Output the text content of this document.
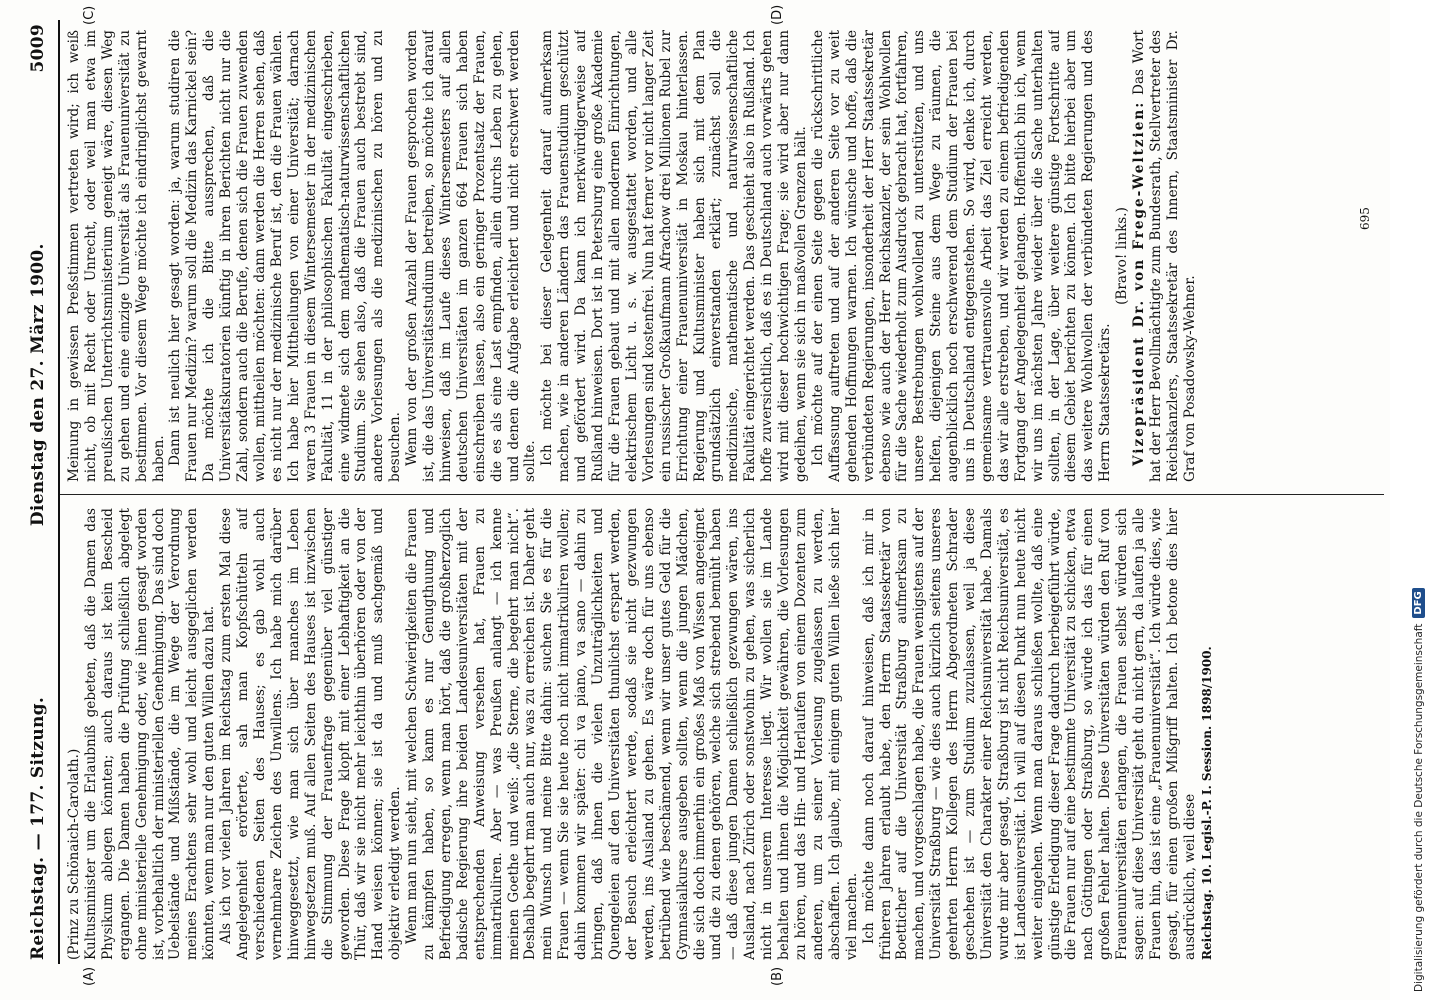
Reichstag. — 177. Sitzung.
Dienstag den 27. März 1900.
5009
(A)	(B)
(C)	(D)

(Prinz zu Schönaich-Carolath.) Kultusminister um die Erlaubniß gebeten, daß die Damen das Physikum ablegen könnten; auch daraus ist kein Bescheid ergangen. Die Damen haben die Prüfung schließlich abgelegt ohne ministerielle Genehmigung oder, wie ihnen gesagt worden ist, vorbehaltlich der ministeriellen Genehmigung. Das sind doch Uebelstände und Mißstände, die im Wege der Verordnung meines Erachtens sehr wohl und leicht ausgeglichen werden könnten, wenn man nur den guten Willen dazu hat. Als ich vor vielen Jahren im Reichstag zum ersten Mal diese Angelegenheit erörterte, sah man Kopfschütteln auf verschiedenen Seiten des Hauses; es gab wohl auch vernehmbare Zeichen des Unwillens. Ich habe mich darüber hinweggesetzt, wie man sich über manches im Leben hinwegsetzen muß. Auf allen Seiten des Hauses ist inzwischen die Stimmung der Frauenfrage gegenüber viel günstiger geworden. Diese Frage klopft mit einer Lebhaftigkeit an die Thür, daß wir sie nicht mehr leichthin überhören oder von der Hand weisen können; sie ist da und muß sachgemäß und objektiv erledigt werden. Wenn man nun sieht, mit welchen Schwierigkeiten die Frauen zu kämpfen haben, so kann es nur Genugthuung und Befriedigung erregen, wenn man hört, daß die großherzoglich badische Regierung ihre beiden Landesuniversitäten mit der entsprechenden Anweisung versehen hat, Frauen zu immatrikuliren. Aber — was Preußen anlangt — ich kenne meinen Goethe und weiß: „die Sterne, die begehrt man nicht“. Deshalb begehrt man auch nur, was zu erreichen ist. Daher geht mein Wunsch und meine Bitte dahin: suchen Sie es für die Frauen — wenn Sie sie heute noch nicht immatrikuliren wollen; dahin kommen wir später: chi va piano, va sano — dahin zu bringen, daß ihnen die vielen Unzuträglichkeiten und Quengeleien auf den Universitäten thunlichst erspart werden, der Besuch erleichtert werde, sodaß sie nicht gezwungen werden, ins Ausland zu gehen. Es wäre doch für uns ebenso betrübend wie beschämend, wenn wir unser gutes Geld für die Gymnasialkurse ausgeben sollten, wenn die jungen Mädchen, die sich doch immerhin ein großes Maß von Wissen angeeignet und die zu denen gehören, welche sich strebend bemüht haben — daß diese jungen Damen schließlich gezwungen wären, ins Ausland, nach Zürich oder sonstwohin zu gehen, was sicherlich nicht in unserem Interesse liegt. Wir wollen sie im Lande behalten und ihnen die Möglichkeit gewähren, die Vorlesungen zu hören, und das Hin- und Herlaufen von einem Dozenten zum anderen, um zu seiner Vorlesung zugelassen zu werden, abschaffen. Ich glaube, mit einigem guten Willen ließe sich hier viel machen. Ich möchte dann noch darauf hinweisen, daß ich mir in früheren Jahren erlaubt habe, den Herrn Staatssekretär von Boetticher auf die Universität Straßburg aufmerksam zu machen, und vorgeschlagen habe, die Frauen wenigstens auf der Universität Straßburg — wie dies auch kürzlich seitens unseres geehrten Herrn Kollegen des Herrn Abgeordneten Schrader geschehen ist — zum Studium zuzulassen, weil ja diese Universität den Charakter einer Reichsuniversität habe. Damals wurde mir aber gesagt, Straßburg ist nicht Reichsuniversität, es ist Landesuniversität. Ich will auf diesen Punkt nun heute nicht weiter eingehen. Wenn man daraus schließen wollte, daß eine günstige Erledigung dieser Frage dadurch herbeigeführt würde, die Frauen nur auf eine bestimmte Universität zu schicken, etwa nach Göttingen oder Straßburg, so würde ich das für einen großen Fehler halten. Diese Universitäten würden den Ruf von Frauenuniversitäten erlangen, die Frauen selbst würden sich sagen: auf diese Universität geht du nicht gern, da laufen ja alle Frauen hin, das ist eine „Frauenuniversität“. Ich würde dies, wie gesagt, für einen großen Mißgriff halten. Ich betone dies hier ausdrücklich, weil diese Reichstag. 10. Legisl.-P. I. Session. 1898/1900.

Meinung in gewissen Preßstimmen vertreten wird; ich weiß nicht, ob mit Recht oder Unrecht, oder weil man etwa im preußischen Unterrichtsministerium geneigt wäre, diesen Weg zu gehen und eine einzige Universität als Frauenuniversität zu bestimmen. Vor diesem Wege möchte ich eindringlichst gewarnt haben. Dann ist neulich hier gesagt worden: ja, warum studiren die Frauen nur Medizin? warum soll die Medizin das Karnickel sein? Da möchte ich die Bitte aussprechen, daß die Universitätskuratorien künftig in ihren Berichten nicht nur die Zahl, sondern auch die Berufe, denen sich die Frauen zuwenden wollen, mittheilen möchten: dann werden die Herren sehen, daß es nicht nur der medizinische Beruf ist, den die Frauen wählen. Ich habe hier Mittheilungen von einer Universität; darnach waren 3 Frauen in diesem Wintersemester in der medizinischen Fakultät, 11 in der philosophischen Fakultät eingeschrieben, eine widmete sich dem mathematisch-naturwissenschaftlichen Studium. Sie sehen also, daß die Frauen auch bestrebt sind, andere Vorlesungen als die medizinischen zu hören und zu besuchen. Wenn von der großen Anzahl der Frauen gesprochen worden ist, die das Universitätsstudium betreiben, so möchte ich darauf hinweisen, daß im Laufe dieses Wintersemesters auf allen deutschen Universitäten im ganzen 664 Frauen sich haben einschreiben lassen, also ein geringer Prozentsatz der Frauen, die es als eine Last empfinden, allein durchs Leben zu gehen, und denen die Aufgabe erleichtert und nicht erschwert werden sollte. Ich möchte bei dieser Gelegenheit darauf aufmerksam machen, wie in anderen Ländern das Frauenstudium geschützt und gefördert wird. Da kann ich merkwürdigerweise auf Rußland hinweisen. Dort ist in Petersburg eine große Akademie für die Frauen gebaut und mit allen modernen Einrichtungen, elektrischem Licht u. s. w. ausgestattet worden, und alle Vorlesungen sind kostenfrei. Nun hat ferner vor nicht langer Zeit ein russischer Großkaufmann Afrachow drei Millionen Rubel zur Errichtung einer Frauenuniversität in Moskau hinterlassen. Regierung und Kultusminister haben sich mit dem Plan grundsätzlich einverstanden erklärt; zunächst soll die medizinische, mathematische und naturwissenschaftliche Fakultät eingerichtet werden. Das geschieht also in Rußland. Ich hoffe zuversichtlich, daß es in Deutschland auch vorwärts gehen wird mit dieser hochwichtigen Frage; sie wird aber nur dann gedeihen, wenn sie sich in maßvollen Grenzen hält. Ich möchte auf der einen Seite gegen die rückschrittliche Auffassung auftreten und auf der anderen Seite vor zu weit gehenden Hoffnungen warnen. Ich wünsche und hoffe, daß die verbündeten Regierungen, insonderheit der Herr Staatssekretär ebenso wie auch der Herr Reichskanzler, der sein Wohlwollen für die Sache wiederholt zum Ausdruck gebracht hat, fortfahren, unsere Bestrebungen wohlwollend zu unterstützen, und uns helfen, diejenigen Steine aus dem Wege zu räumen, die augenblicklich noch erschwerend dem Studium der Frauen bei uns in Deutschland entgegenstehen. So wird, denke ich, durch gemeinsame vertrauensvolle Arbeit das Ziel erreicht werden, das wir alle erstreben, und wir werden zu einem befriedigenden Fortgang der Angelegenheit gelangen. Hoffentlich bin ich, wenn wir uns im nächsten Jahre wieder über die Sache unterhalten sollten, in der Lage, über weitere günstige Fortschritte auf diesem Gebiet berichten zu können. Ich bitte hierbei aber um das weitere Wohlwollen der verbündeten Regierungen und des Herrn Staatssekretärs.

(Bravo! links.) Vizepräsident Dr. von Frege-Weltzien: Das Wort hat der Herr Bevollmächtigte zum Bundesrath, Stellvertreter des Reichskanzlers, Staatssekretär des Innern, Staatsminister Dr. Graf von Posadowsky-Wehner.

695
Digitalisierung gefördert durch die Deutsche Forschungsgemeinschaft
DFG
